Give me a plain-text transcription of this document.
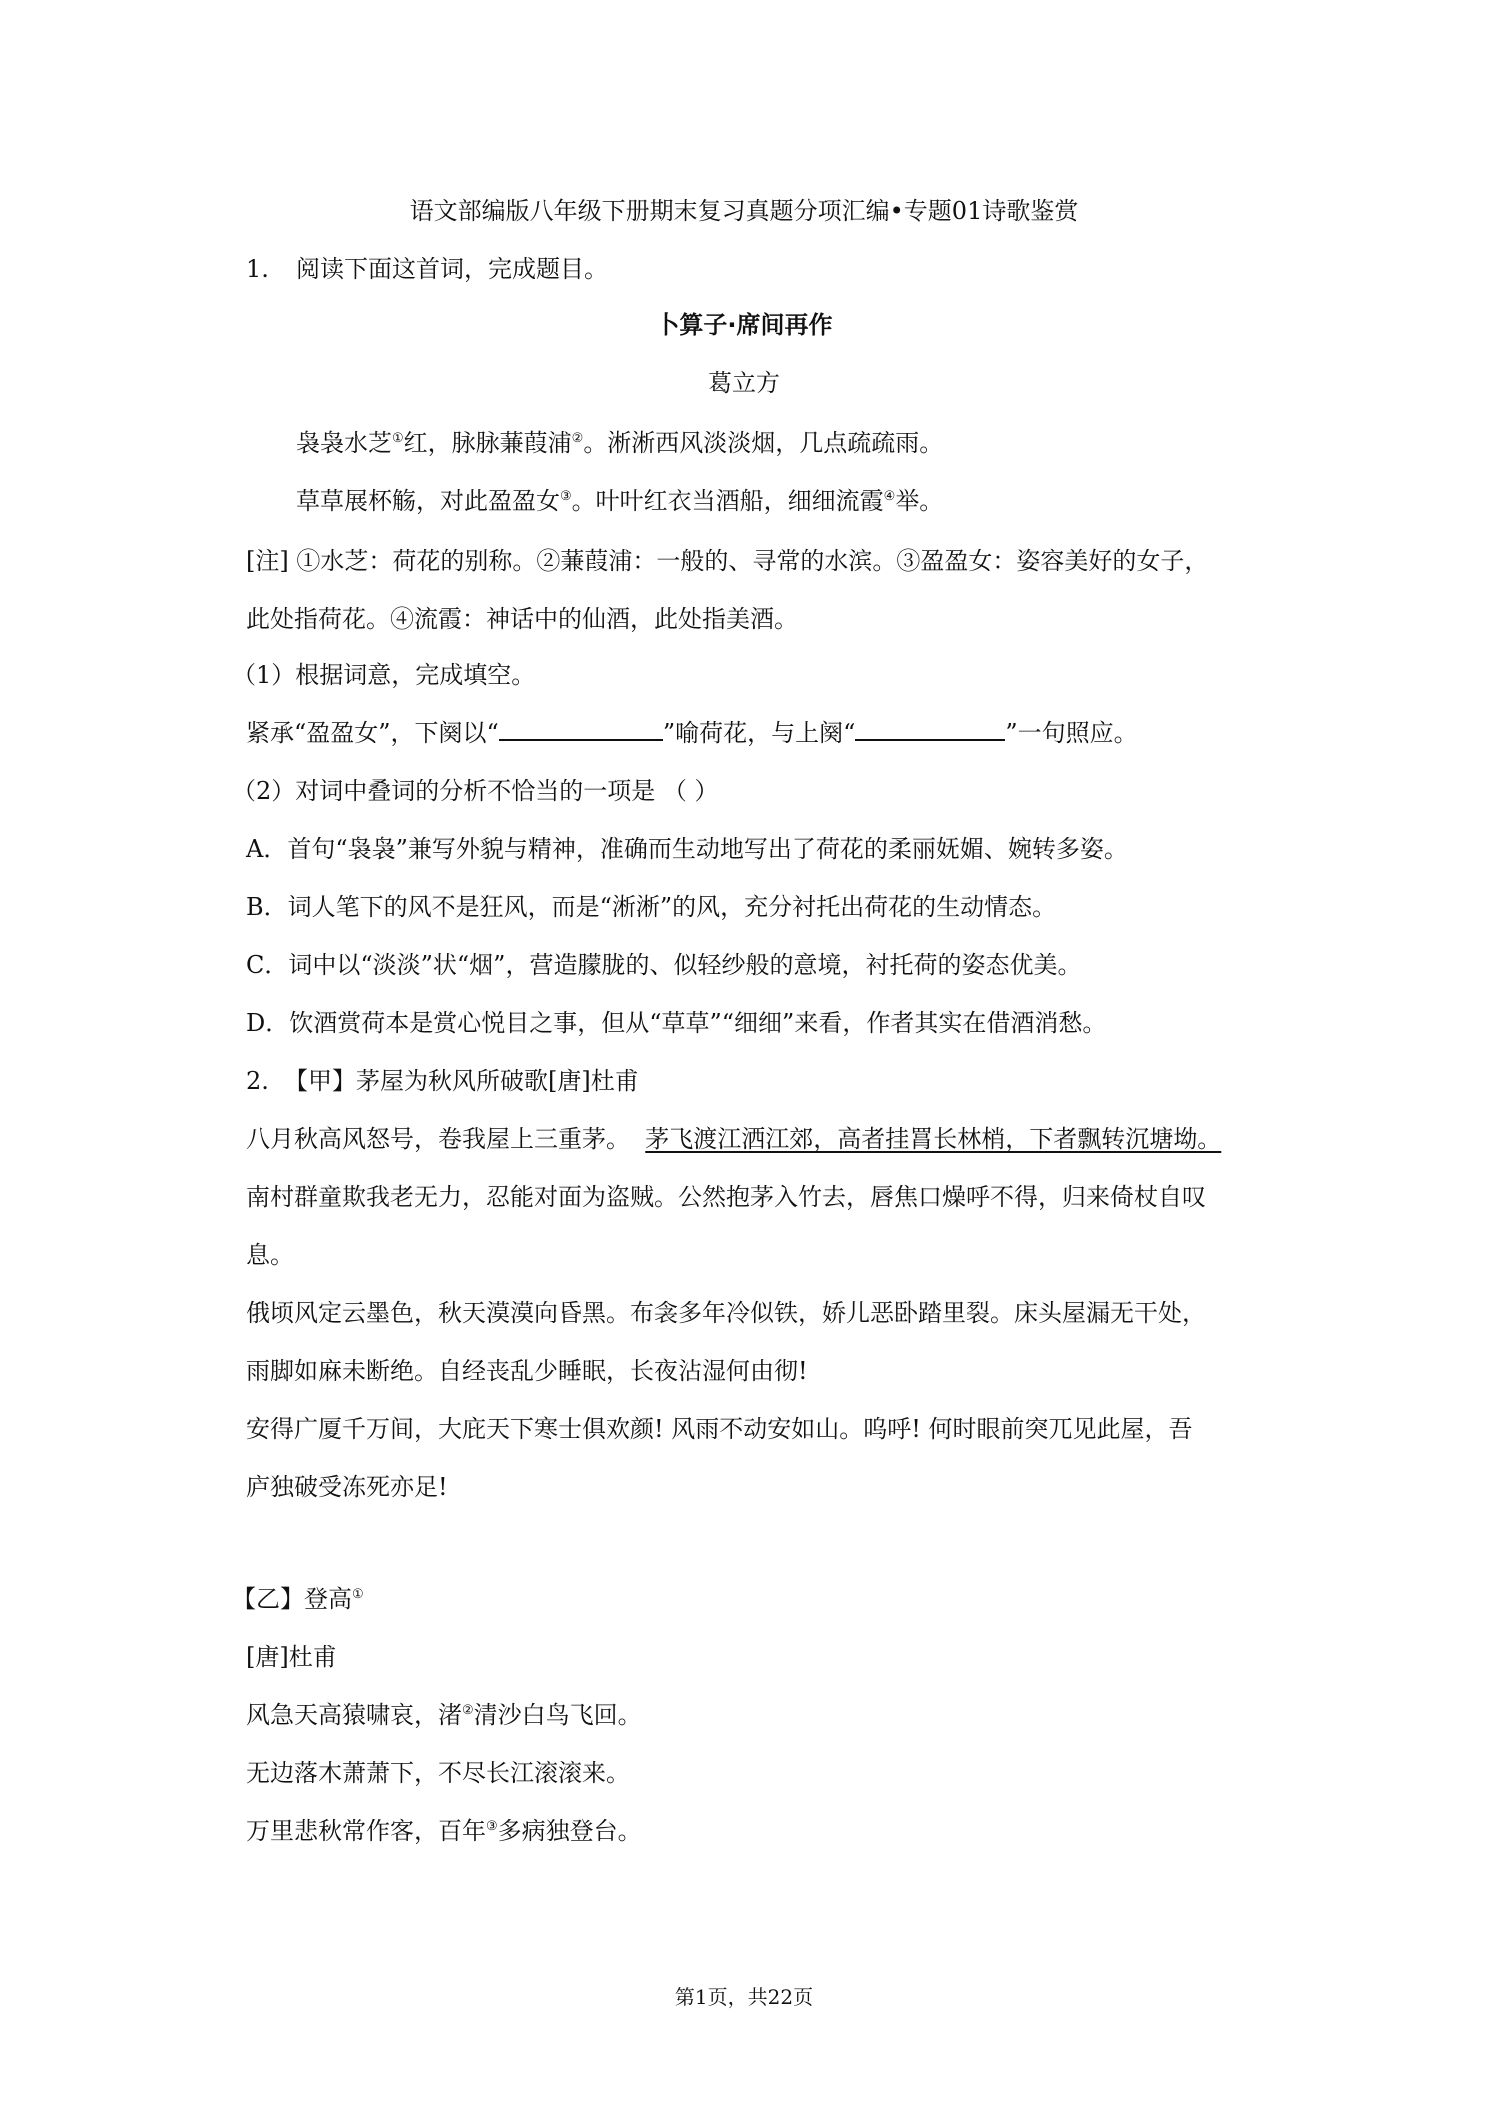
语文部编版八年级下册期末复习真题分项汇编•专题01诗歌鉴赏
1. 阅读下面这首词，完成题目。
卜算子·席间再作
葛立方
袅袅水芝①红，脉脉蒹葭浦②。淅淅西风淡淡烟，几点疏疏雨。
草草展杯觞，对此盈盈女③。叶叶红衣当酒船，细细流霞④举。
[注] ①水芝：荷花的别称。②蒹葭浦：一般的、寻常的水滨。③盈盈女：姿容美好的女子，
此处指荷花。④流霞：神话中的仙酒，此处指美酒。
（1）根据词意，完成填空。
紧承“盈盈女”，下阕以“	”喻荷花，与上阕“	”一句照应。
（2）对词中叠词的分析不恰当的一项是 （ ）
A．首句“袅袅”兼写外貌与精神，准确而生动地写出了荷花的柔丽妩媚、婉转多姿。
B．词人笔下的风不是狂风，而是“淅淅”的风，充分衬托出荷花的生动情态。
C．词中以“淡淡”状“烟”，营造朦胧的、似轻纱般的意境，衬托荷的姿态优美。
D．饮酒赏荷本是赏心悦目之事，但从“草草”“细细”来看，作者其实在借酒消愁。
2. 【甲】茅屋为秋风所破歌[唐]杜甫
八月秋高风怒号，卷我屋上三重茅。 茅飞渡江洒江郊，高者挂罥长林梢，下者飘转沉塘坳。
南村群童欺我老无力，忍能对面为盗贼。公然抱茅入竹去，唇焦口燥呼不得，归来倚杖自叹
息。
俄顷风定云墨色，秋天漠漠向昏黑。布衾多年冷似铁，娇儿恶卧踏里裂。床头屋漏无干处，
雨脚如麻未断绝。自经丧乱少睡眠，长夜沾湿何由彻!
安得广厦千万间，大庇天下寒士俱欢颜! 风雨不动安如山。呜呼! 何时眼前突兀见此屋，吾
庐独破受冻死亦足!
【乙】登高①
[唐]杜甫
风急天高猿啸哀，渚②清沙白鸟飞回。
无边落木萧萧下，不尽长江滚滚来。
万里悲秋常作客，百年③多病独登台。
第1页，共22页
